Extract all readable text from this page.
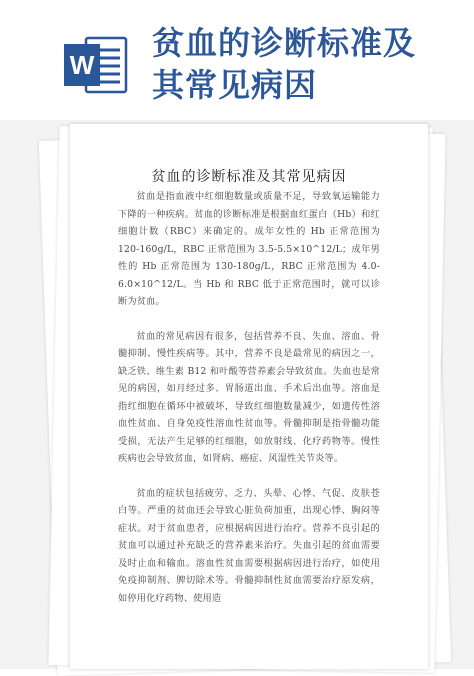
W
贫血的诊断标准及
其常见病因
贫血的诊断标准及其常见病因

贫血是指血液中红细胞数量或质量不足，导致氧运输能力下降的一种疾病。贫血的诊断标准是根据血红蛋白（Hb）和红细胞计数（RBC）来确定的。成年女性的 Hb 正常范围为 120-160g/L，RBC 正常范围为 3.5-5.5×10^12/L；成年男性的 Hb 正常范围为 130-180g/L，RBC 正常范围为 4.0-6.0×10^12/L。当 Hb 和 RBC 低于正常范围时，就可以诊断为贫血。

贫血的常见病因有很多，包括营养不良、失血、溶血、骨髓抑制、慢性疾病等。其中，营养不良是最常见的病因之一，缺乏铁、维生素 B12 和叶酸等营养素会导致贫血。失血也是常见的病因，如月经过多、胃肠道出血、手术后出血等。溶血是指红细胞在循环中被破坏，导致红细胞数量减少，如遗传性溶血性贫血、自身免疫性溶血性贫血等。骨髓抑制是指骨髓功能受损，无法产生足够的红细胞，如放射线、化疗药物等。慢性疾病也会导致贫血，如肾病、癌症、风湿性关节炎等。

贫血的症状包括疲劳、乏力、头晕、心悸、气促、皮肤苍白等。严重的贫血还会导致心脏负荷加重，出现心悸、胸闷等症状。对于贫血患者，应根据病因进行治疗。营养不良引起的贫血可以通过补充缺乏的营养素来治疗。失血引起的贫血需要及时止血和输血。溶血性贫血需要根据病因进行治疗，如使用免疫抑制剂、脾切除术等。骨髓抑制性贫血需要治疗原发病，如停用化疗药物、使用造
